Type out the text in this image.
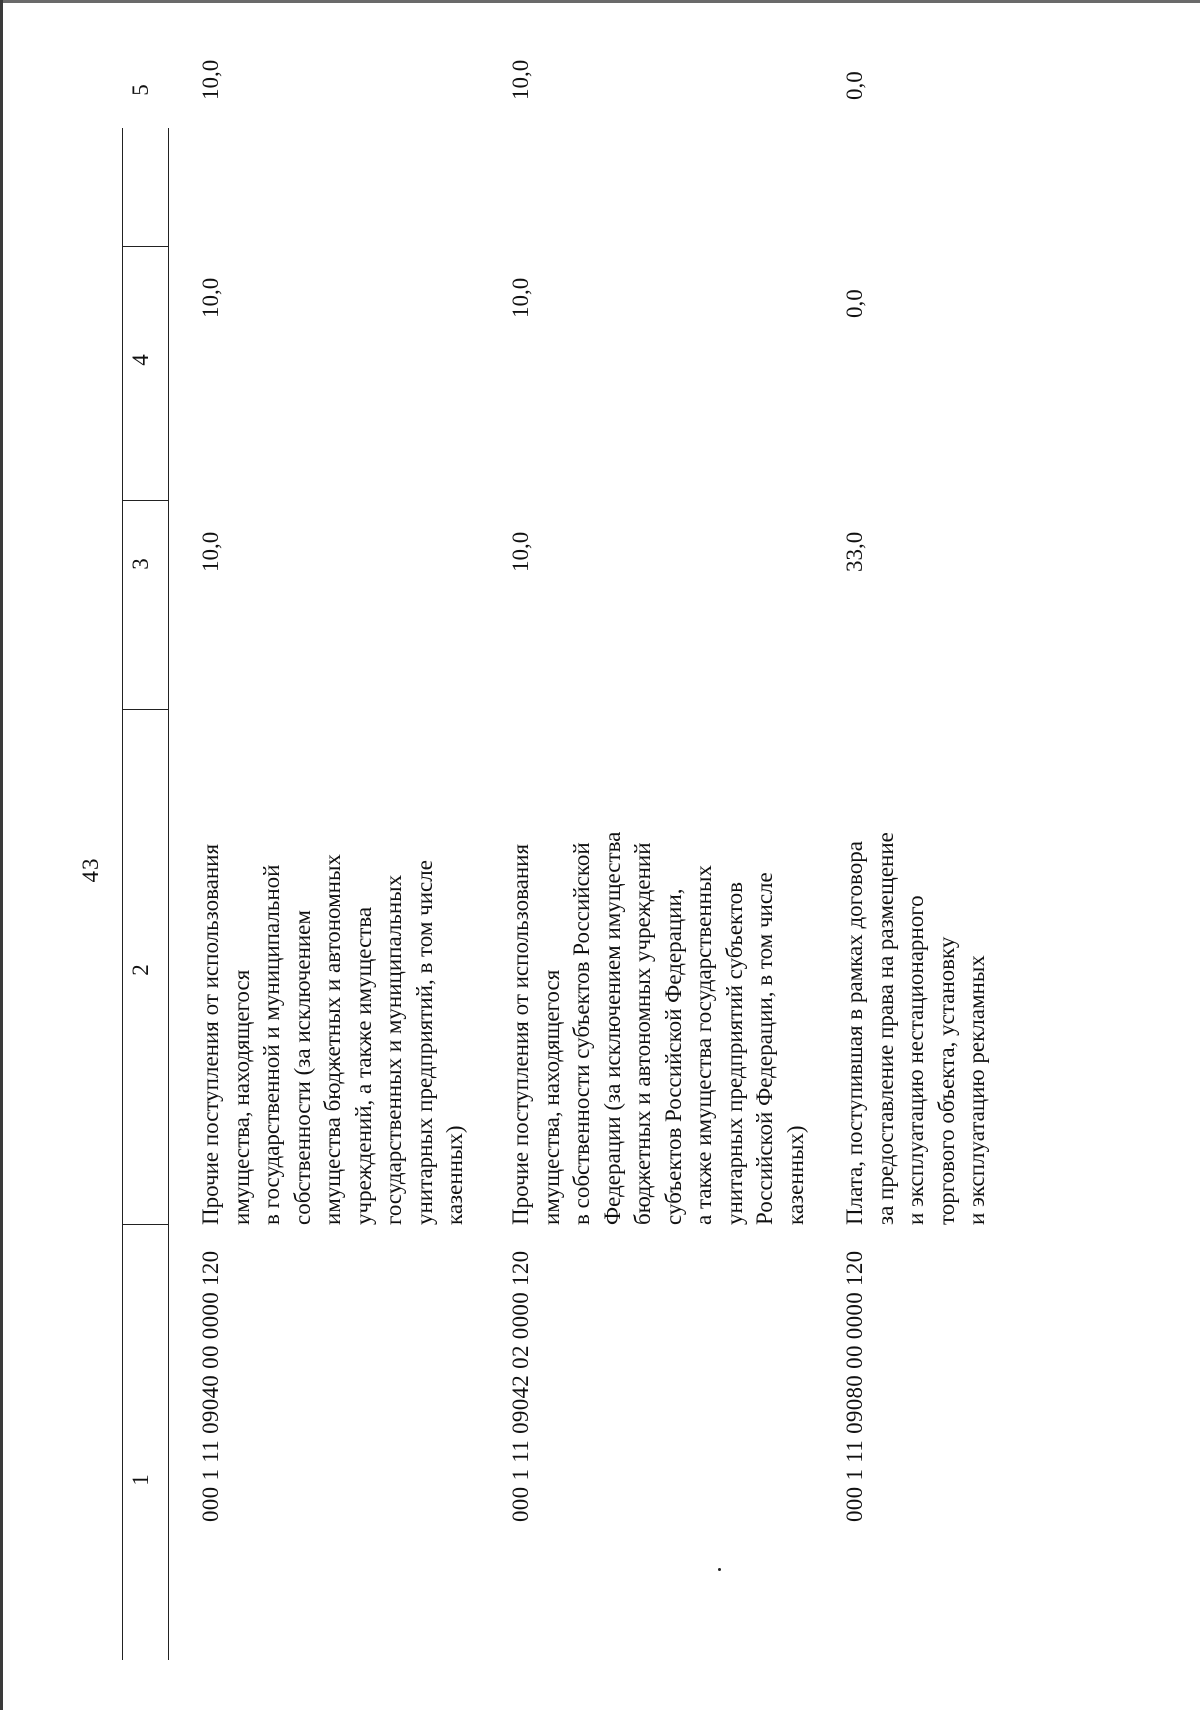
43
1
2
3
4
5
000 1 11 09040 00 0000 120
Прочие поступления от использования
имущества, находящегося
в государственной и муниципальной
собственности (за исключением
имущества бюджетных и автономных
учреждений, а также имущества
государственных и муниципальных
унитарных предприятий, в том числе
казенных)
10,0
10,0
10,0
000 1 11 09042 02 0000 120
Прочие поступления от использования
имущества, находящегося
в собственности субъектов Российской
Федерации (за исключением имущества
бюджетных и автономных учреждений
субъектов Российской Федерации,
а также имущества государственных
унитарных предприятий субъектов
Российской Федерации, в том числе
казенных)
10,0
10,0
10,0
000 1 11 09080 00 0000 120
Плата, поступившая в рамках договора
за предоставление права на размещение
и эксплуатацию нестационарного
торгового объекта, установку
и эксплуатацию рекламных
33,0
0,0
0,0
